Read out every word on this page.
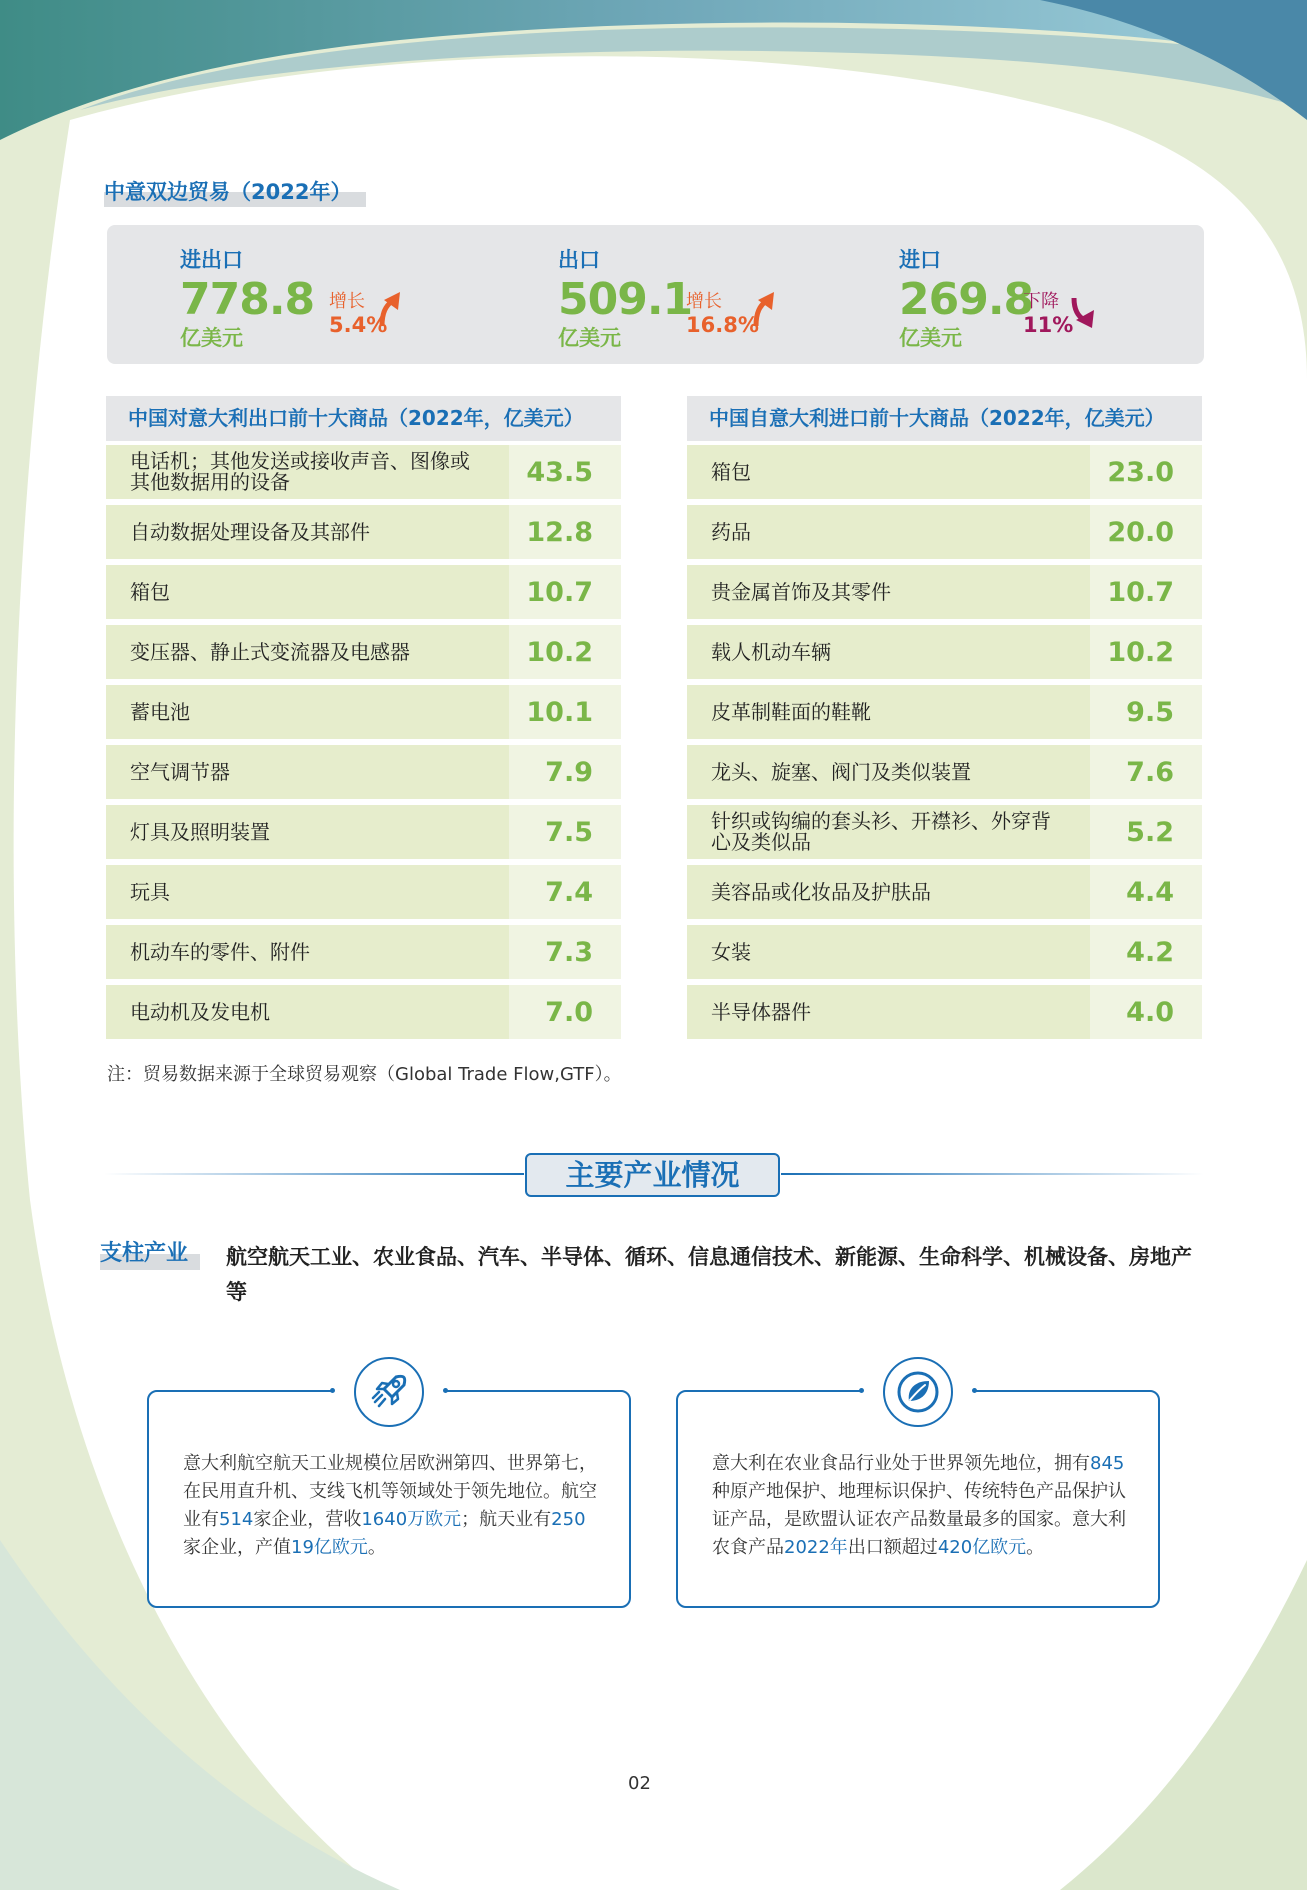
中意双边贸易（2022年）
进出口
778.8
亿美元
增长
5.4%
出口
509.1
亿美元
增长
16.8%
进口
269.8
亿美元
下降
11%
中国对意大利出口前十大商品（2022年，亿美元）
电话机；其他发送或接收声音、图像或其他数据用的设备	43.5
自动数据处理设备及其部件	12.8
箱包	10.7
变压器、静止式变流器及电感器	10.2
蓄电池	10.1
空气调节器	7.9
灯具及照明装置	7.5
玩具	7.4
机动车的零件、附件	7.3
电动机及发电机	7.0
中国自意大利进口前十大商品（2022年，亿美元）
箱包	23.0
药品	20.0
贵金属首饰及其零件	10.7
载人机动车辆	10.2
皮革制鞋面的鞋靴	9.5
龙头、旋塞、阀门及类似装置	7.6
针织或钩编的套头衫、开襟衫、外穿背心及类似品	5.2
美容品或化妆品及护肤品	4.4
女装	4.2
半导体器件	4.0
注：贸易数据来源于全球贸易观察（Global Trade Flow,GTF）。
主要产业情况
支柱产业 航空航天工业、农业食品、汽车、半导体、循环、信息通信技术、新能源、生命科学、机械设备、房地产等
意大利航空航天工业规模位居欧洲第四、世界第七，在民用直升机、支线飞机等领域处于领先地位。航空业有514家企业，营收1640万欧元；航天业有250家企业，产值19亿欧元。
意大利在农业食品行业处于世界领先地位，拥有845种原产地保护、地理标识保护、传统特色产品保护认证产品，是欧盟认证农产品数量最多的国家。意大利农食产品2022年出口额超过420亿欧元。
02
